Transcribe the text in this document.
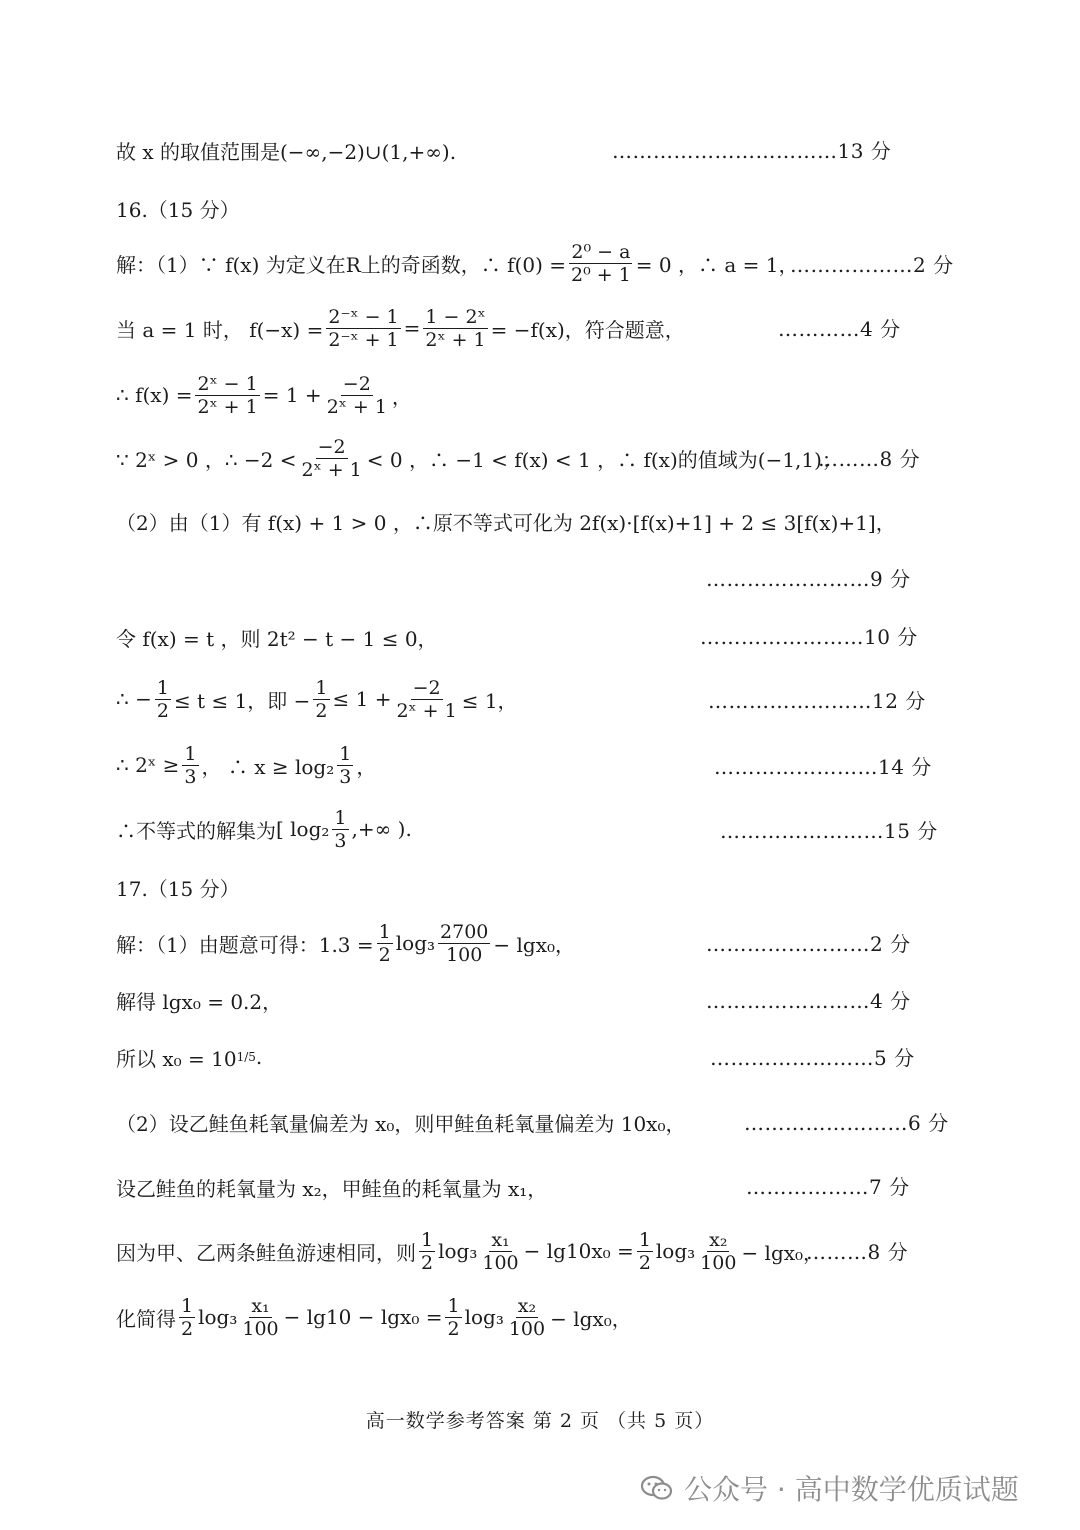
故 x 的取值范围是(−∞,−2)∪(1,+∞).	……………………………13 分
16.（15 分）
解：（1）∵ f(x) 为定义在R上的奇函数，∴ $f(0) = \frac{\text{2⁰ − a}}{\text{2⁰ + 1}} = 0$ ，∴ a = 1，
………………2 分
当 a = 1 时， $f(-x) = \frac{\text{2⁻ˣ − 1}}{\text{2⁻ˣ + 1}} = \frac{\text{1 − 2ˣ}}{\text{2ˣ + 1}} = -f(x)$，符合题意，	…………4 分
∴ $f(x) = \frac{\text{2ˣ − 1}}{\text{2ˣ + 1}} = 1 + \frac{-2}{\text{2ˣ + 1}}$ ，
∵ 2ˣ > 0 ，∴ $-2 < \frac{-2}{\text{2ˣ + 1}} < 0$ ，∴ −1 < f(x) < 1 ，∴ f(x)的值域为(−1,1)；
………8 分
（2）由（1）有 f(x) + 1 > 0 ，∴原不等式可化为 2f(x)·[f(x)+1] + 2 ≤ 3[f(x)+1]，
……………………9 分
令 f(x) = t ，则 2t² − t − 1 ≤ 0，	……………………10 分
∴ − $\frac{1}{2} \le t \le 1$，即 − $\frac{1}{2} \le 1 + \frac{-2}{\text{2ˣ + 1}} \le 1$，	……………………12 分
∴ 2ˣ ≥ $\frac{1}{3}$ ， ∴ $x \ge \log_2 \frac{1}{3}$ ，	……………………14 分
∴不等式的解集为 [ $\log_2 \frac{1}{3}$ ,+∞ ).	……………………15 分
17.（15 分）
解：（1）由题意可得：$1.3 = \frac{1}{2} \log_3 \frac{2700}{100} - \lg x_0$，	……………………2 分
解得 lgx₀ = 0.2，	……………………4 分
所以 x₀ = 10 1/5 .	……………………5 分
（2）设乙鲑鱼耗氧量偏差为 x₀，则甲鲑鱼耗氧量偏差为 10x₀，	……………………6 分
设乙鲑鱼的耗氧量为 x₂，甲鲑鱼的耗氧量为 x₁，	………………7 分
因为甲、乙两条鲑鱼游速相同，则 $\frac{1}{2} \log_3 \frac{\text{x₁}}{100} - \lg 10x_0 = \frac{1}{2} \log_3 \frac{\text{x₂}}{100} - \lg x_0$，
………8 分
化简得 $\frac{1}{2} \log_3 \frac{\text{x₁}}{100} - \lg 10 - \lg x_0 = \frac{1}{2} \log_3 \frac{\text{x₂}}{100} - \lg x_0$，
高一数学参考答案 第 2 页 （共 5 页）
公众号 · 高中数学优质试题
